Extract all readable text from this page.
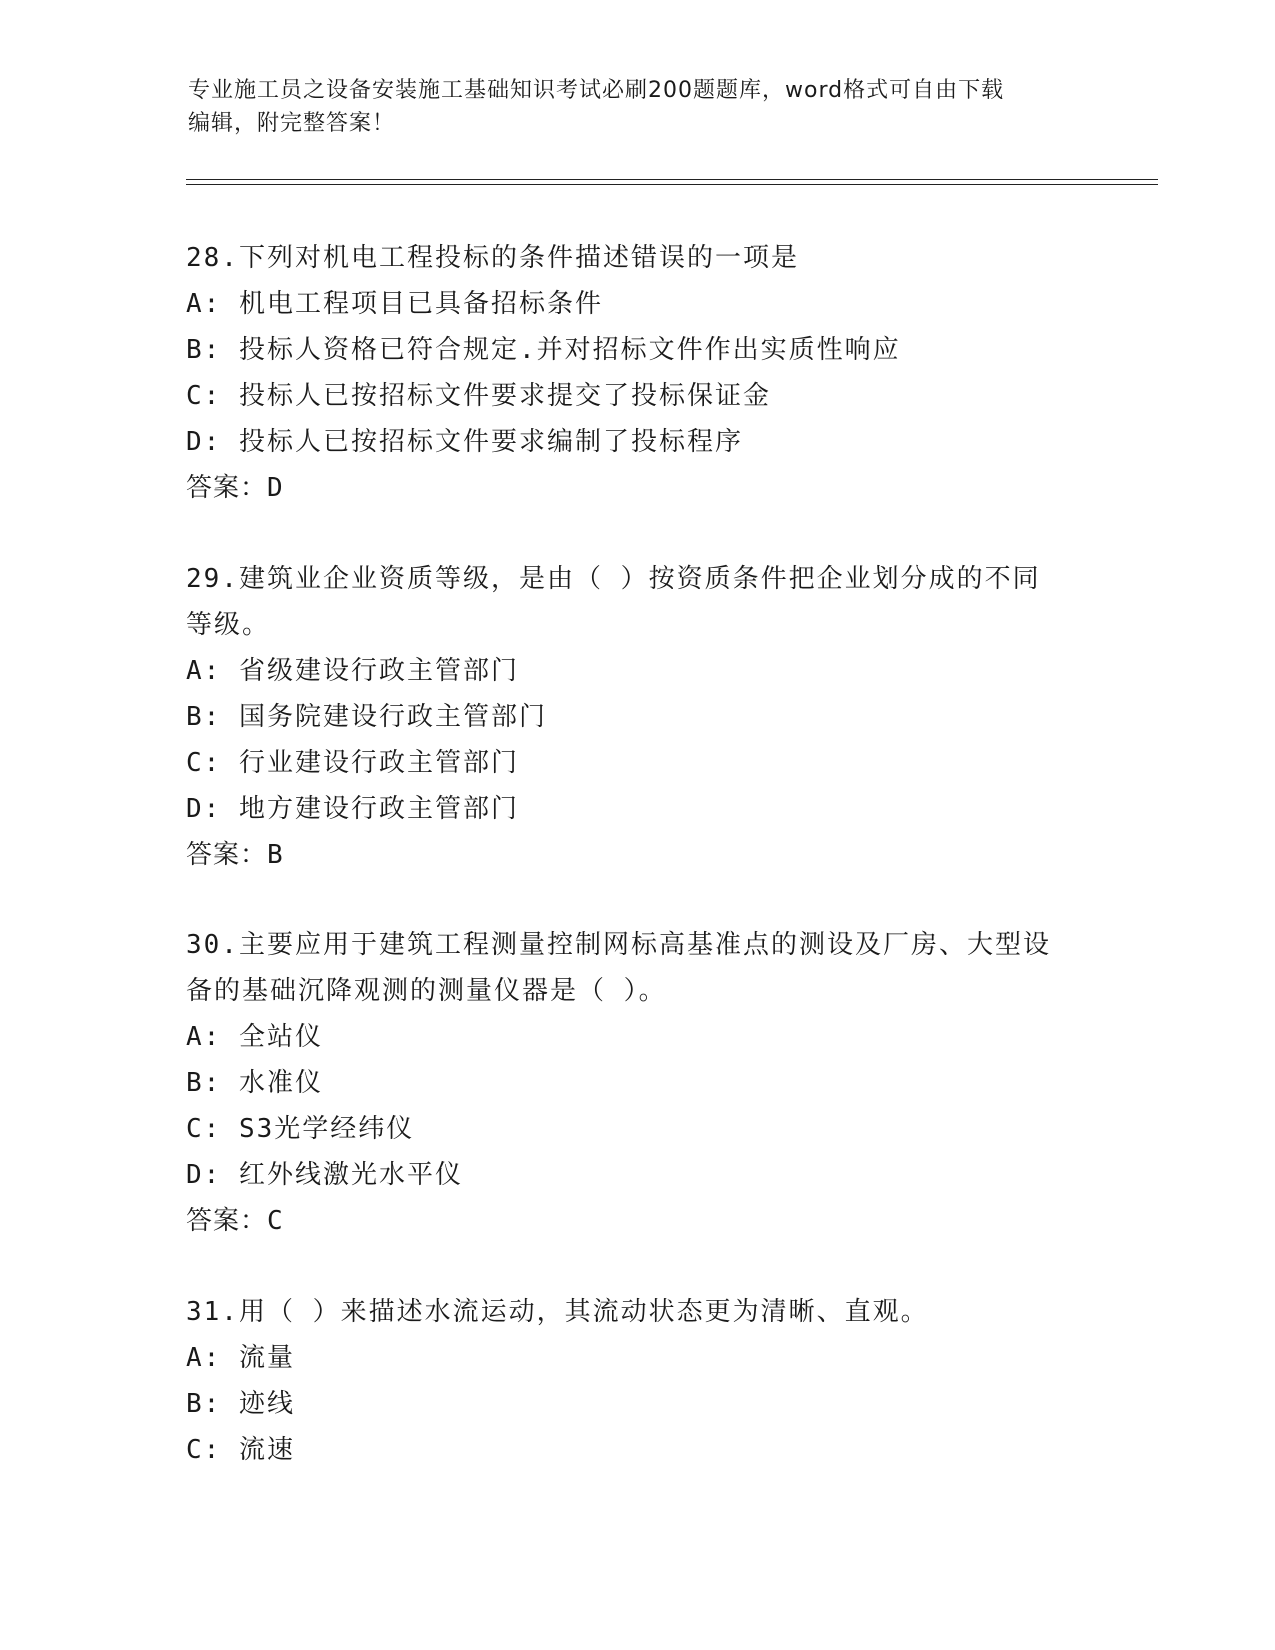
专业施工员之设备安装施工基础知识考试必刷200题题库，word格式可自由下载
编辑，附完整答案！
28.下列对机电工程投标的条件描述错误的一项是
A: 机电工程项目已具备招标条件
B: 投标人资格已符合规定.并对招标文件作出实质性响应
C: 投标人已按招标文件要求提交了投标保证金
D: 投标人已按招标文件要求编制了投标程序
答案：D
29.建筑业企业资质等级，是由（ ）按资质条件把企业划分成的不同
等级。
A: 省级建设行政主管部门
B: 国务院建设行政主管部门
C: 行业建设行政主管部门
D: 地方建设行政主管部门
答案：B
30.主要应用于建筑工程测量控制网标高基准点的测设及厂房、大型设
备的基础沉降观测的测量仪器是（ ）。
A: 全站仪
B: 水准仪
C: S3光学经纬仪
D: 红外线激光水平仪
答案：C
31.用（ ）来描述水流运动，其流动状态更为清晰、直观。
A: 流量
B: 迹线
C: 流速
